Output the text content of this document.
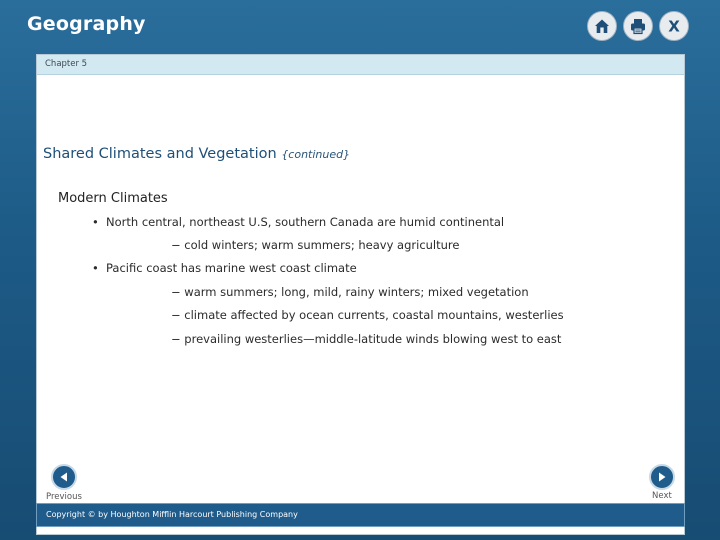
Geography	X
Chapter 5
Shared Climates and Vegetation {continued}
Modern Climates
• North central, northeast U.S, southern Canada are humid continental
− cold winters; warm summers; heavy agriculture
• Pacific coast has marine west coast climate
− warm summers; long, mild, rainy winters; mixed vegetation
− climate affected by ocean currents, coastal mountains, westerlies
− prevailing westerlies—middle-latitude winds blowing west to east
Previous	Next
Copyright © by Houghton Mifflin Harcourt Publishing Company
